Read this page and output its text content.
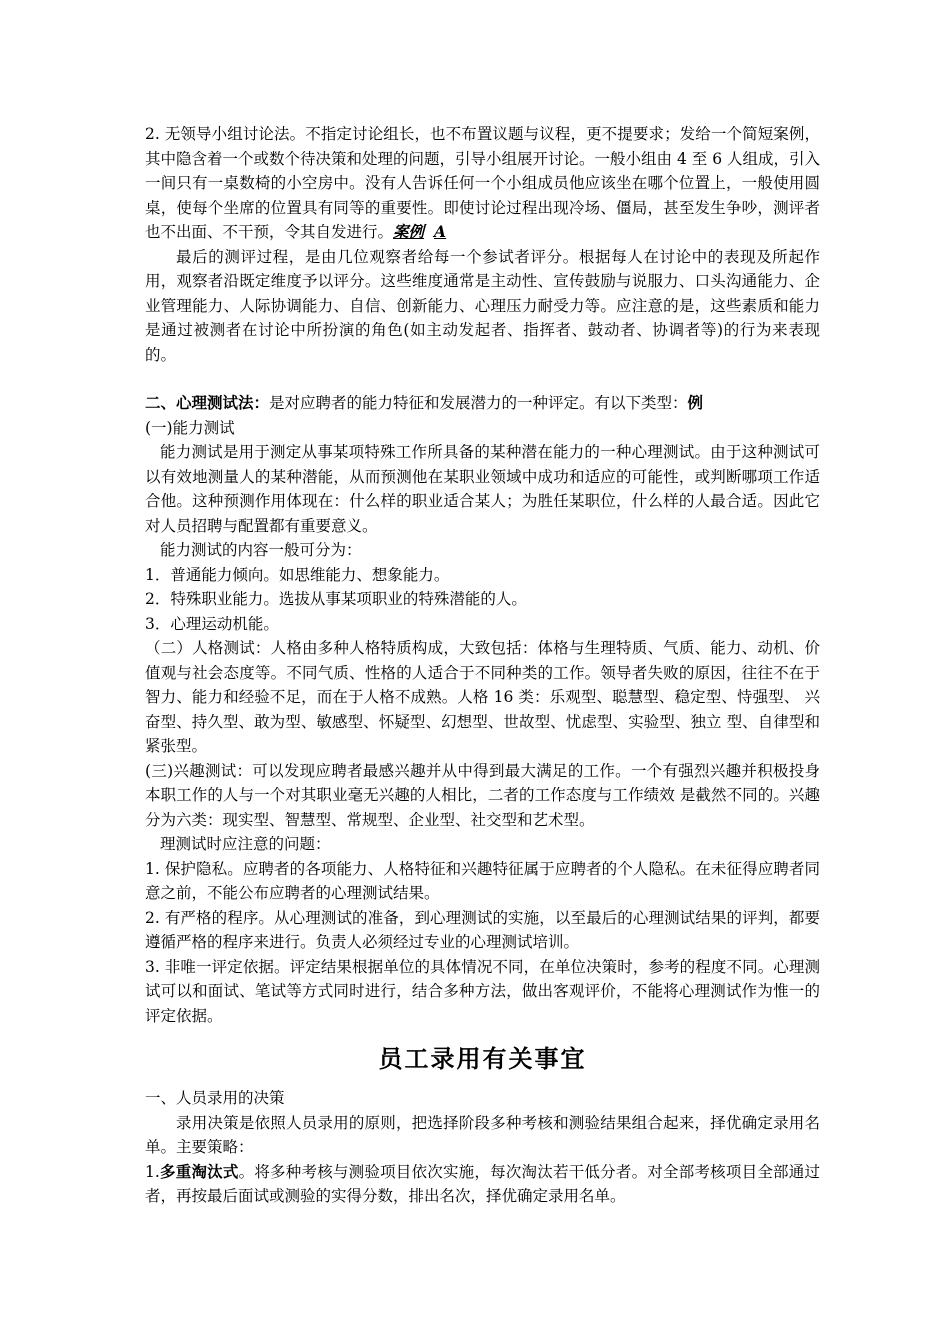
2. 无领导小组讨论法。不指定讨论组长，也不布置议题与议程，更不提要求；发给一个简短案例，其中隐含着一个或数个待决策和处理的问题，引导小组展开讨论。一般小组由 4 至 6 人组成，引入一间只有一桌数椅的小空房中。没有人告诉任何一个小组成员他应该坐在哪个位置上，一般使用圆桌，使每个坐席的位置具有同等的重要性。即使讨论过程出现冷场、僵局，甚至发生争吵，测评者也不出面、不干预，令其自发进行。案例 A

最后的测评过程，是由几位观察者给每一个参试者评分。根据每人在讨论中的表现及所起作用，观察者沿既定维度予以评分。这些维度通常是主动性、宣传鼓励与说服力、口头沟通能力、企业管理能力、人际协调能力、自信、创新能力、心理压力耐受力等。应注意的是，这些素质和能力是通过被测者在讨论中所扮演的角色(如主动发起者、指挥者、鼓动者、协调者等)的行为来表现的。

二、心理测试法：是对应聘者的能力特征和发展潜力的一种评定。有以下类型：例

(一)能力测试

能力测试是用于测定从事某项特殊工作所具备的某种潜在能力的一种心理测试。由于这种测试可以有效地测量人的某种潜能，从而预测他在某职业领域中成功和适应的可能性，或判断哪项工作适合他。这种预测作用体现在：什么样的职业适合某人；为胜任某职位，什么样的人最合适。因此它对人员招聘与配置都有重要意义。

能力测试的内容一般可分为：

1．普通能力倾向。如思维能力、想象能力。

2．特殊职业能力。选拔从事某项职业的特殊潜能的人。

3．心理运动机能。

（二）人格测试：人格由多种人格特质构成，大致包括：体格与生理特质、气质、能力、动机、价值观与社会态度等。不同气质、性格的人适合于不同种类的工作。领导者失败的原因，往往不在于智力、能力和经验不足，而在于人格不成熟。人格 16 类：乐观型、聪慧型、稳定型、恃强型、 兴奋型、持久型、敢为型、敏感型、怀疑型、幻想型、世故型、忧虑型、实验型、独立 型、自律型和紧张型。

(三)兴趣测试：可以发现应聘者最感兴趣并从中得到最大满足的工作。一个有强烈兴趣并积极投身本职工作的人与一个对其职业毫无兴趣的人相比，二者的工作态度与工作绩效 是截然不同的。兴趣分为六类：现实型、智慧型、常规型、企业型、社交型和艺术型。

理测试时应注意的问题：

1. 保护隐私。应聘者的各项能力、人格特征和兴趣特征属于应聘者的个人隐私。在未征得应聘者同意之前，不能公布应聘者的心理测试结果。

2. 有严格的程序。从心理测试的准备，到心理测试的实施，以至最后的心理测试结果的评判，都要遵循严格的程序来进行。负责人必须经过专业的心理测试培训。

3. 非唯一评定依据。评定结果根据单位的具体情况不同，在单位决策时，参考的程度不同。心理测试可以和面试、笔试等方式同时进行，结合多种方法，做出客观评价，不能将心理测试作为惟一的评定依据。

员工录用有关事宜

一、人员录用的决策

录用决策是依照人员录用的原则，把选择阶段多种考核和测验结果组合起来，择优确定录用名单。主要策略：

1.多重淘汰式。将多种考核与测验项目依次实施，每次淘汰若干低分者。对全部考核项目全部通过者，再按最后面试或测验的实得分数，排出名次，择优确定录用名单。
